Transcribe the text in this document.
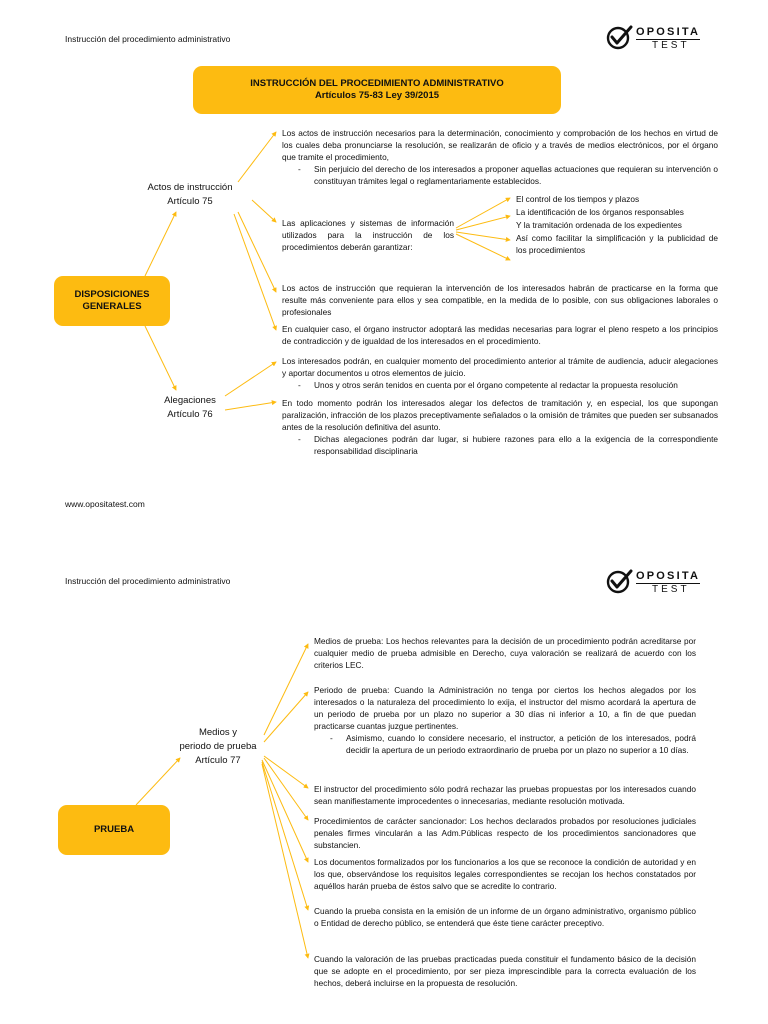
Instrucción del procedimiento administrativo
OPOSITA
TEST
INSTRUCCIÓN DEL PROCEDIMIENTO ADMINISTRATIVO
Artículos 75-83 Ley 39/2015
DISPOSICIONES GENERALES
Actos de instrucción
Artículo 75
Alegaciones
Artículo 76
Los actos de instrucción necesarios para la determinación, conocimiento y comprobación de los hechos en virtud de los cuales deba pronunciarse la resolución, se realizarán de oficio y a través de medios electrónicos, por el órgano que tramite el procedimiento,
-	Sin perjuicio del derecho de los interesados a proponer aquellas actuaciones que requieran su intervención o constituyan trámites legal o reglamentariamente establecidos.
Las aplicaciones y sistemas de información utilizados para la instrucción de los procedimientos deberán garantizar:
El control de los tiempos y plazos
La identificación de los órganos responsables
Y la tramitación ordenada de los expedientes
Así como facilitar la simplificación y la publicidad de los procedimientos
Los actos de instrucción que requieran la intervención de los interesados habrán de practicarse en la forma que resulte más conveniente para ellos y sea compatible, en la medida de lo posible, con sus obligaciones laborales o profesionales
En cualquier caso, el órgano instructor adoptará las medidas necesarias para lograr el pleno respeto a los principios de contradicción y de igualdad de los interesados en el procedimiento.
Los interesados podrán, en cualquier momento del procedimiento anterior al trámite de audiencia, aducir alegaciones y aportar documentos u otros elementos de juicio.
-	Unos y otros serán tenidos en cuenta por el órgano competente al redactar la propuesta resolución
En todo momento podrán los interesados alegar los defectos de tramitación y, en especial, los que supongan paralización, infracción de los plazos preceptivamente señalados o la omisión de trámites que pueden ser subsanados antes de la resolución definitiva del asunto.
-	Dichas alegaciones podrán dar lugar, si hubiere razones para ello a la exigencia de la correspondiente responsabilidad disciplinaria
www.opositatest.com
Instrucción del procedimiento administrativo	OPOSITA
TEST
PRUEBA
Medios y
periodo de prueba
Artículo 77
Medios de prueba: Los hechos relevantes para la decisión de un procedimiento podrán acreditarse por cualquier medio de prueba admisible en Derecho, cuya valoración se realizará de acuerdo con los criterios LEC.
Periodo de prueba: Cuando la Administración no tenga por ciertos los hechos alegados por los interesados o la naturaleza del procedimiento lo exija, el instructor del mismo acordará la apertura de un periodo de prueba por un plazo no superior a 30 días ni inferior a 10, a fin de que puedan practicarse cuantas juzgue pertinentes.
-	Asimismo, cuando lo considere necesario, el instructor, a petición de los interesados, podrá decidir la apertura de un periodo extraordinario de prueba por un plazo no superior a 10 días.
El instructor del procedimiento sólo podrá rechazar las pruebas propuestas por los interesados cuando sean manifiestamente improcedentes o innecesarias, mediante resolución motivada.
Procedimientos de carácter sancionador: Los hechos declarados probados por resoluciones judiciales penales firmes vincularán a las Adm.Públicas respecto de los procedimientos sancionadores que substancien.
Los documentos formalizados por los funcionarios a los que se reconoce la condición de autoridad y en los que, observándose los requisitos legales correspondientes se recojan los hechos constatados por aquéllos harán prueba de éstos salvo que se acredite lo contrario.
Cuando la prueba consista en la emisión de un informe de un órgano administrativo, organismo público o Entidad de derecho público, se entenderá que éste tiene carácter preceptivo.
Cuando la valoración de las pruebas practicadas pueda constituir el fundamento básico de la decisión que se adopte en el procedimiento, por ser pieza imprescindible para la correcta evaluación de los hechos, deberá incluirse en la propuesta de resolución.
